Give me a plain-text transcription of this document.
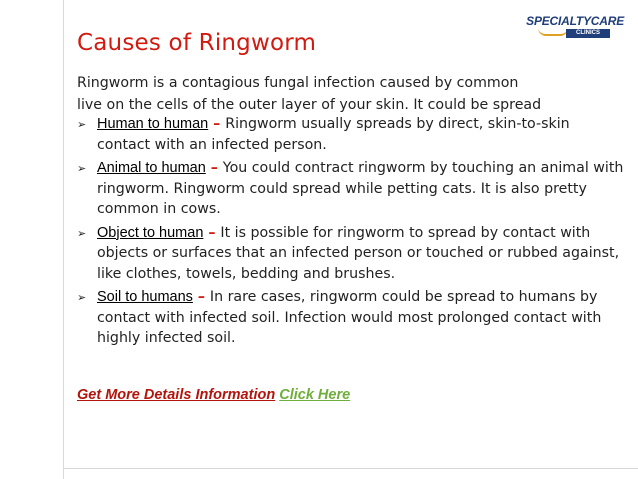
Causes of Ringworm
SPECIALTYCARE
CLINICS

Ringworm is a contagious fungal infection caused by common
live on the cells of the outer layer of your skin. It could be spread

➢ Human to human – Ringworm usually spreads by direct, skin-to-skin contact with an infected person.
➢ Animal to human – You could contract ringworm by touching an animal with ringworm. Ringworm could spread while petting cats. It is also pretty common in cows.
➢ Object to human – It is possible for ringworm to spread by contact with objects or surfaces that an infected person or touched or rubbed against, like clothes, towels, bedding and brushes.
➢ Soil to humans – In rare cases, ringworm could be spread to humans by contact with infected soil. Infection would most prolonged contact with highly infected soil.
Get More Details Information Click Here
